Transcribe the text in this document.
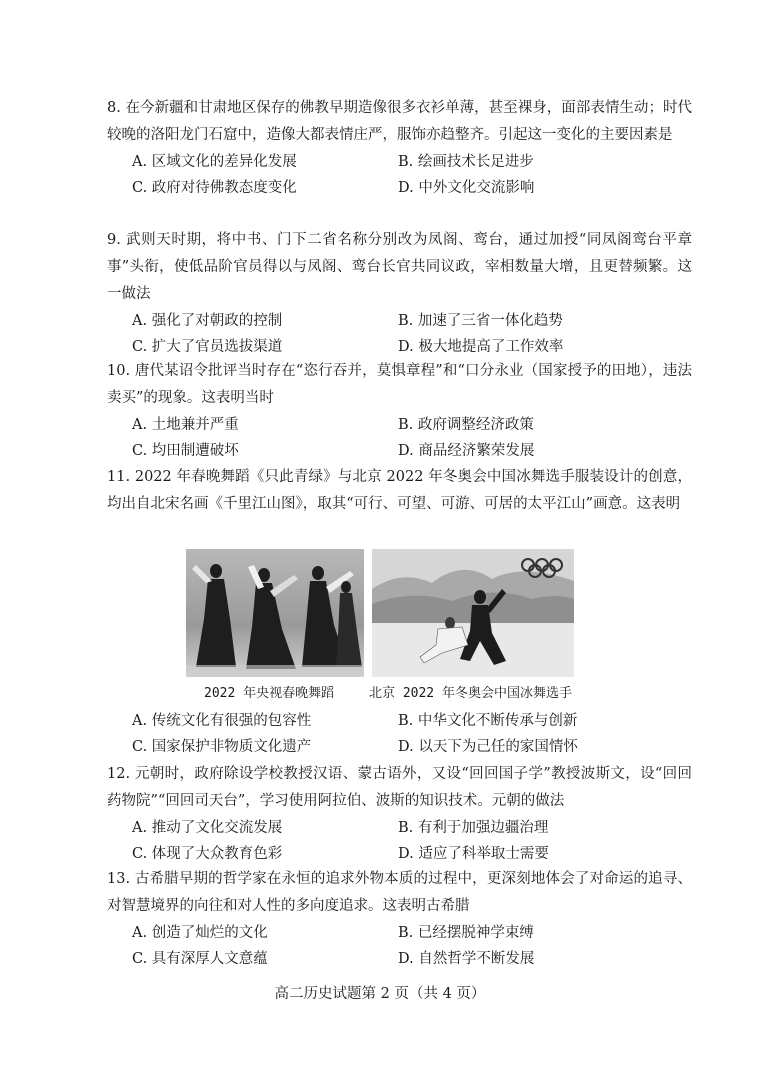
8. 在今新疆和甘肃地区保存的佛教早期造像很多衣衫单薄，甚至裸身，面部表情生动；时代较晚的洛阳龙门石窟中，造像大都表情庄严，服饰亦趋整齐。引起这一变化的主要因素是

A. 区域文化的差异化发展	B. 绘画技术长足进步
C. 政府对待佛教态度变化	D. 中外文化交流影响

9. 武则天时期，将中书、门下二省名称分别改为凤阁、鸾台，通过加授“同凤阁鸾台平章事”头衔，使低品阶官员得以与凤阁、鸾台长官共同议政，宰相数量大增，且更替频繁。这一做法

A. 强化了对朝政的控制	B. 加速了三省一体化趋势
C. 扩大了官员选拔渠道	D. 极大地提高了工作效率

10. 唐代某诏令批评当时存在“恣行吞并，莫惧章程”和“口分永业（国家授予的田地），违法卖买”的现象。这表明当时

A. 土地兼并严重	B. 政府调整经济政策
C. 均田制遭破坏	D. 商品经济繁荣发展

11. 2022 年春晚舞蹈《只此青绿》与北京 2022 年冬奥会中国冰舞选手服装设计的创意，均出自北宋名画《千里江山图》，取其“可行、可望、可游、可居的太平江山”画意。这表明

2022 年央视春晚舞蹈	北京 2022 年冬奥会中国冰舞选手
A. 传统文化有很强的包容性	B. 中华文化不断传承与创新
C. 国家保护非物质文化遗产	D. 以天下为己任的家国情怀

12. 元朝时，政府除设学校教授汉语、蒙古语外，又设“回回国子学”教授波斯文，设“回回药物院”“回回司天台”，学习使用阿拉伯、波斯的知识技术。元朝的做法

A. 推动了文化交流发展	B. 有利于加强边疆治理
C. 体现了大众教育色彩	D. 适应了科举取士需要

13. 古希腊早期的哲学家在永恒的追求外物本质的过程中，更深刻地体会了对命运的追寻、对智慧境界的向往和对人性的多向度追求。这表明古希腊

A. 创造了灿烂的文化	B. 已经摆脱神学束缚
C. 具有深厚人文意蕴	D. 自然哲学不断发展
高二历史试题第 2 页（共 4 页）
